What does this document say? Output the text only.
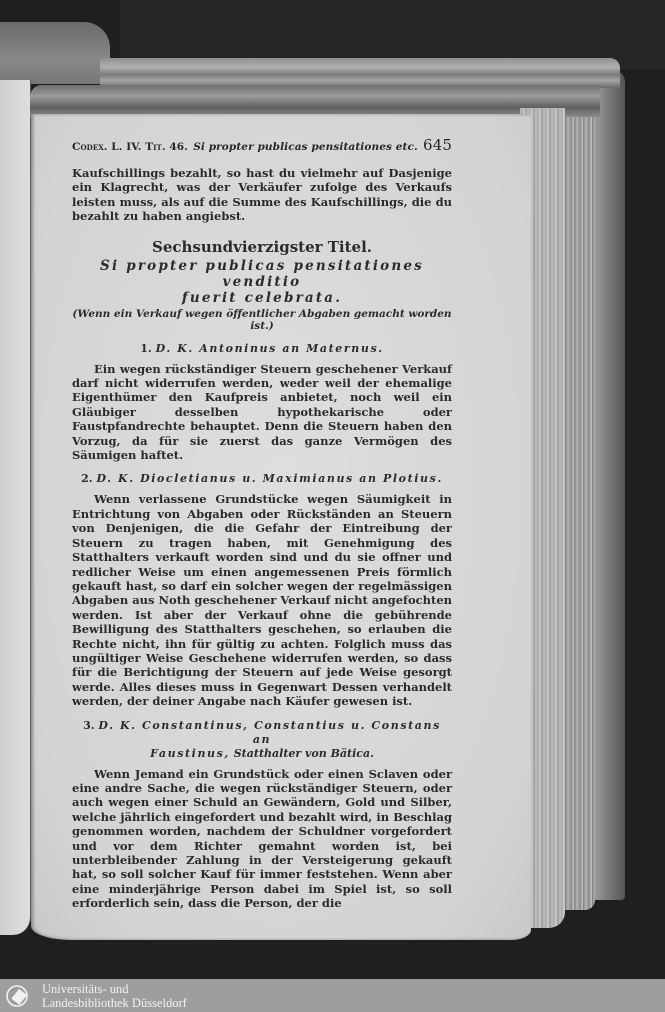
Codex. L. IV. Tit. 46. Si propter publicas pensitationes etc. 645

Kaufschillings bezahlt, so hast du vielmehr auf Dasjenige ein Klagrecht, was der Verkäufer zufolge des Verkaufs leisten muss, als auf die Summe des Kaufschillings, die du bezahlt zu haben angiebst.

Sechsundvierzigster Titel.
Si propter publicas pensitationes venditio
fuerit celebrata.
(Wenn ein Verkauf wegen öffentlicher Abgaben gemacht worden ist.)
1. D. K. Antoninus an Maternus.

Ein wegen rückständiger Steuern geschehener Verkauf darf nicht widerrufen werden, weder weil der ehemalige Eigenthümer den Kaufpreis anbietet, noch weil ein Gläubiger desselben hypothekarische oder Faustpfandrechte behauptet. Denn die Steuern haben den Vorzug, da für sie zuerst das ganze Vermögen des Säumigen haftet.

2. D. K. Diocletianus u. Maximianus an Plotius.

Wenn verlassene Grundstücke wegen Säumigkeit in Entrichtung von Abgaben oder Rückständen an Steuern von Denjenigen, die die Gefahr der Eintreibung der Steuern zu tragen haben, mit Genehmigung des Statthalters verkauft worden sind und du sie offner und redlicher Weise um einen angemessenen Preis förmlich gekauft hast, so darf ein solcher wegen der regelmässigen Abgaben aus Noth geschehener Verkauf nicht angefochten werden. Ist aber der Verkauf ohne die gebührende Bewilligung des Statthalters geschehen, so erlauben die Rechte nicht, ihn für gültig zu achten. Folglich muss das ungültiger Weise Geschehene widerrufen werden, so dass für die Berichtigung der Steuern auf jede Weise gesorgt werde. Alles dieses muss in Gegenwart Dessen verhandelt werden, der deiner Angabe nach Käufer gewesen ist.

3. D. K. Constantinus, Constantius u. Constans an
Faustinus, Statthalter von Bätica.

Wenn Jemand ein Grundstück oder einen Sclaven oder eine andre Sache, die wegen rückständiger Steuern, oder auch wegen einer Schuld an Gewändern, Gold und Silber, welche jährlich eingefordert und bezahlt wird, in Beschlag genommen worden, nachdem der Schuldner vorgefordert und vor dem Richter gemahnt worden ist, bei unterbleibender Zahlung in der Versteigerung gekauft hat, so soll solcher Kauf für immer feststehen. Wenn aber eine minderjährige Person dabei im Spiel ist, so soll erforderlich sein, dass die Person, der die

Universitäts- und
Landesbibliothek Düsseldorf
